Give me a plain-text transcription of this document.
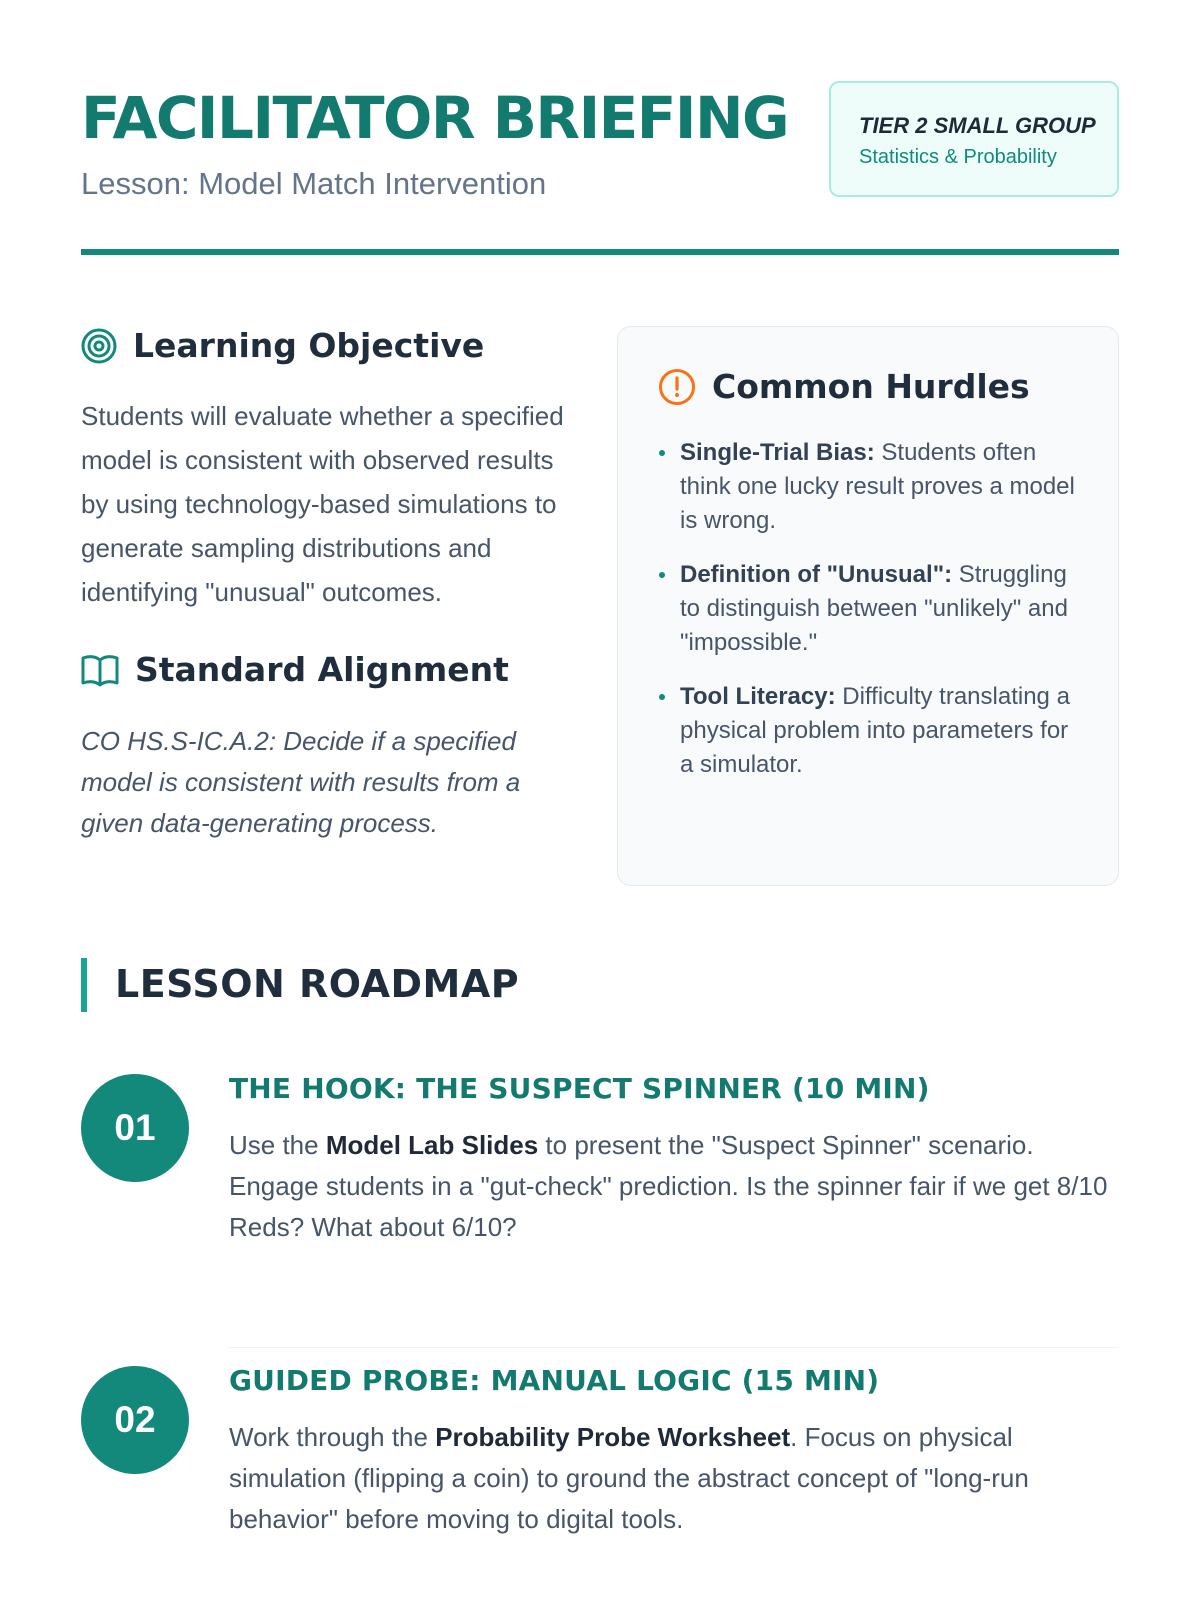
FACILITATOR BRIEFING
Lesson: Model Match Intervention
TIER 2 SMALL GROUP
Statistics & Probability
Learning Objective

Students will evaluate whether a specified model is consistent with observed results by using technology-based simulations to generate sampling distributions and identifying "unusual" outcomes.

Standard Alignment

CO HS.S-IC.A.2: Decide if a specified model is consistent with results from a given data-generating process.

Common Hurdles
Single-Trial Bias: Students often think one lucky result proves a model is wrong.
Definition of "Unusual": Struggling to distinguish between "unlikely" and "impossible."
Tool Literacy: Difficulty translating a physical problem into parameters for a simulator.
LESSON ROADMAP
01
THE HOOK: THE SUSPECT SPINNER (10 MIN)

Use the Model Lab Slides to present the "Suspect Spinner" scenario. Engage students in a "gut-check" prediction. Is the spinner fair if we get 8/10 Reds? What about 6/10?

02
GUIDED PROBE: MANUAL LOGIC (15 MIN)

Work through the Probability Probe Worksheet. Focus on physical simulation (flipping a coin) to ground the abstract concept of "long-run behavior" before moving to digital tools.
